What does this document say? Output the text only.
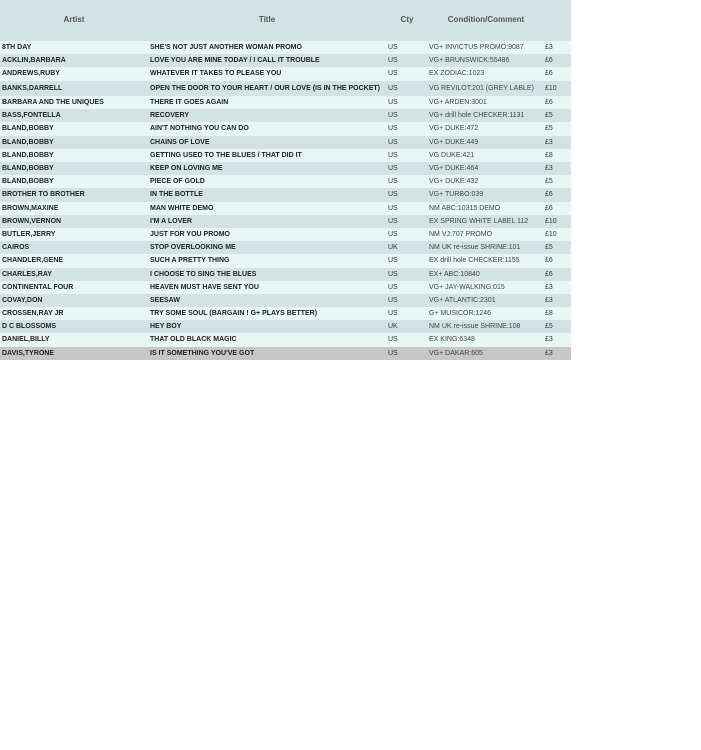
Artist	Title	Cty	Condition/Comment
8TH DAY	SHE'S NOT JUST ANOTHER WOMAN PROMO	US	VG+ INVICTUS PROMO:9087	£3
ACKLIN,BARBARA	LOVE YOU ARE MINE TODAY / I CALL IT TROUBLE	US	VG+ BRUNSWICK:55486	£6
ANDREWS,RUBY	WHATEVER IT TAKES TO PLEASE YOU	US	EX ZODIAC:1023	£6
BANKS,DARRELL	OPEN THE DOOR TO YOUR HEART / OUR LOVE (IS IN THE POCKET)	US	VG REVILOT:201 (GREY LABLE)	£10
BARBARA AND THE UNIQUES	THERE IT GOES AGAIN	US	VG+ ARDEN:3001	£6
BASS,FONTELLA	RECOVERY	US	VG+ drill hole CHECKER:1131	£5
BLAND,BOBBY	AIN'T NOTHING YOU CAN DO	US	VG+ DUKE:472	£5
BLAND,BOBBY	CHAINS OF LOVE	US	VG+ DUKE:449	£3
BLAND,BOBBY	GETTING USED TO THE BLUES / THAT DID IT	US	VG DUKE:421	£8
BLAND,BOBBY	KEEP ON LOVING ME	US	VG+ DUKE:464	£3
BLAND,BOBBY	PIECE OF GOLD	US	VG+ DUKE:432	£5
BROTHER TO BROTHER	IN THE BOTTLE	US	VG+ TURBO:039	£6
BROWN,MAXINE	MAN WHITE DEMO	US	NM ABC:10315 DEMO	£6
BROWN,VERNON	I'M A LOVER	US	EX SPRING WHITE LABEL 112	£10
BUTLER,JERRY	JUST FOR YOU PROMO	US	NM VJ:707 PROMO	£10
CAIROS	STOP OVERLOOKING ME	UK	NM UK re-issue SHRINE:101	£5
CHANDLER,GENE	SUCH A PRETTY THING	US	EX drill hole CHECKER:1155	£6
CHARLES,RAY	I CHOOSE TO SING THE BLUES	US	EX+ ABC:10840	£6
CONTINENTAL FOUR	HEAVEN MUST HAVE SENT YOU	US	VG+ JAY-WALKING:015	£3
COVAY,DON	SEESAW	US	VG+ ATLANTIC:2301	£3
CROSSEN,RAY JR	TRY SOME SOUL (BARGAIN ! G+ PLAYS BETTER)	US	G+ MUSICOR:1246	£8
D C BLOSSOMS	HEY BOY	UK	NM UK re-issue SHRINE:108	£5
DANIEL,BILLY	THAT OLD BLACK MAGIC	US	EX KING:6348	£3
DAVIS,TYRONE	IS IT SOMETHING YOU'VE GOT	US	VG+ DAKAR:605	£3
